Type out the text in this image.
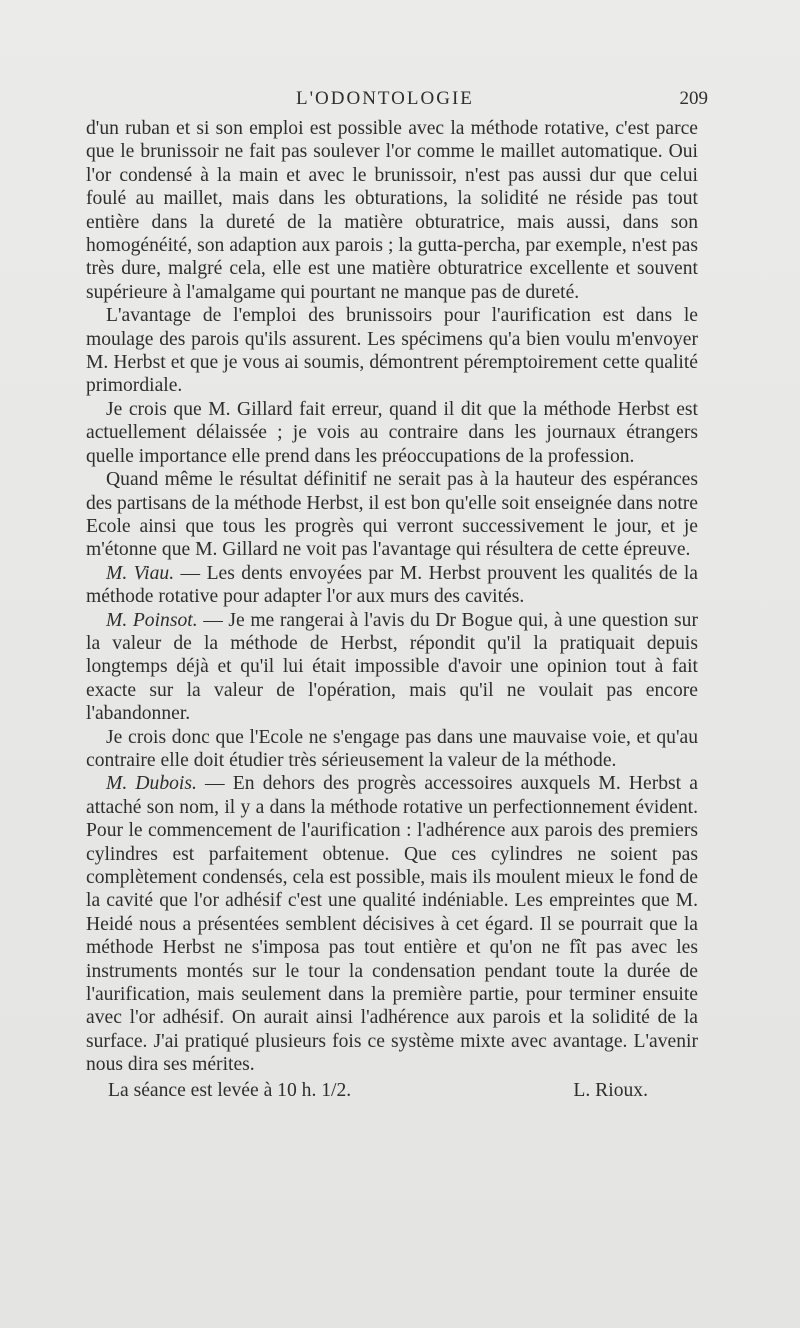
L'ODONTOLOGIE	209

d'un ruban et si son emploi est possible avec la méthode rotative, c'est parce que le brunissoir ne fait pas soulever l'or comme le maillet automatique. Oui l'or condensé à la main et avec le brunissoir, n'est pas aussi dur que celui foulé au maillet, mais dans les obturations, la solidité ne réside pas tout entière dans la dureté de la matière obturatrice, mais aussi, dans son homogénéité, son adaption aux parois ; la gutta-percha, par exemple, n'est pas très dure, malgré cela, elle est une matière obturatrice excellente et souvent supérieure à l'amalgame qui pourtant ne manque pas de dureté.

L'avantage de l'emploi des brunissoirs pour l'aurification est dans le moulage des parois qu'ils assurent. Les spécimens qu'a bien voulu m'envoyer M. Herbst et que je vous ai soumis, démontrent péremptoirement cette qualité primordiale.

Je crois que M. Gillard fait erreur, quand il dit que la méthode Herbst est actuellement délaissée ; je vois au contraire dans les journaux étrangers quelle importance elle prend dans les préoccupations de la profession.

Quand même le résultat définitif ne serait pas à la hauteur des espérances des partisans de la méthode Herbst, il est bon qu'elle soit enseignée dans notre Ecole ainsi que tous les progrès qui verront successivement le jour, et je m'étonne que M. Gillard ne voit pas l'avantage qui résultera de cette épreuve.

M. Viau. — Les dents envoyées par M. Herbst prouvent les qualités de la méthode rotative pour adapter l'or aux murs des cavités.

M. Poinsot. — Je me rangerai à l'avis du Dr Bogue qui, à une question sur la valeur de la méthode de Herbst, répondit qu'il la pratiquait depuis longtemps déjà et qu'il lui était impossible d'avoir une opinion tout à fait exacte sur la valeur de l'opération, mais qu'il ne voulait pas encore l'abandonner.

Je crois donc que l'Ecole ne s'engage pas dans une mauvaise voie, et qu'au contraire elle doit étudier très sérieusement la valeur de la méthode.

M. Dubois. — En dehors des progrès accessoires auxquels M. Herbst a attaché son nom, il y a dans la méthode rotative un perfectionnement évident. Pour le commencement de l'aurification : l'adhérence aux parois des premiers cylindres est parfaitement obtenue. Que ces cylindres ne soient pas complètement condensés, cela est possible, mais ils moulent mieux le fond de la cavité que l'or adhésif c'est une qualité indéniable. Les empreintes que M. Heidé nous a présentées semblent décisives à cet égard. Il se pourrait que la méthode Herbst ne s'imposa pas tout entière et qu'on ne fît pas avec les instruments montés sur le tour la condensation pendant toute la durée de l'aurification, mais seulement dans la première partie, pour terminer ensuite avec l'or adhésif. On aurait ainsi l'adhérence aux parois et la solidité de la surface. J'ai pratiqué plusieurs fois ce système mixte avec avantage. L'avenir nous dira ses mérites.

La séance est levée à 10 h. 1/2.	L. Rioux.
